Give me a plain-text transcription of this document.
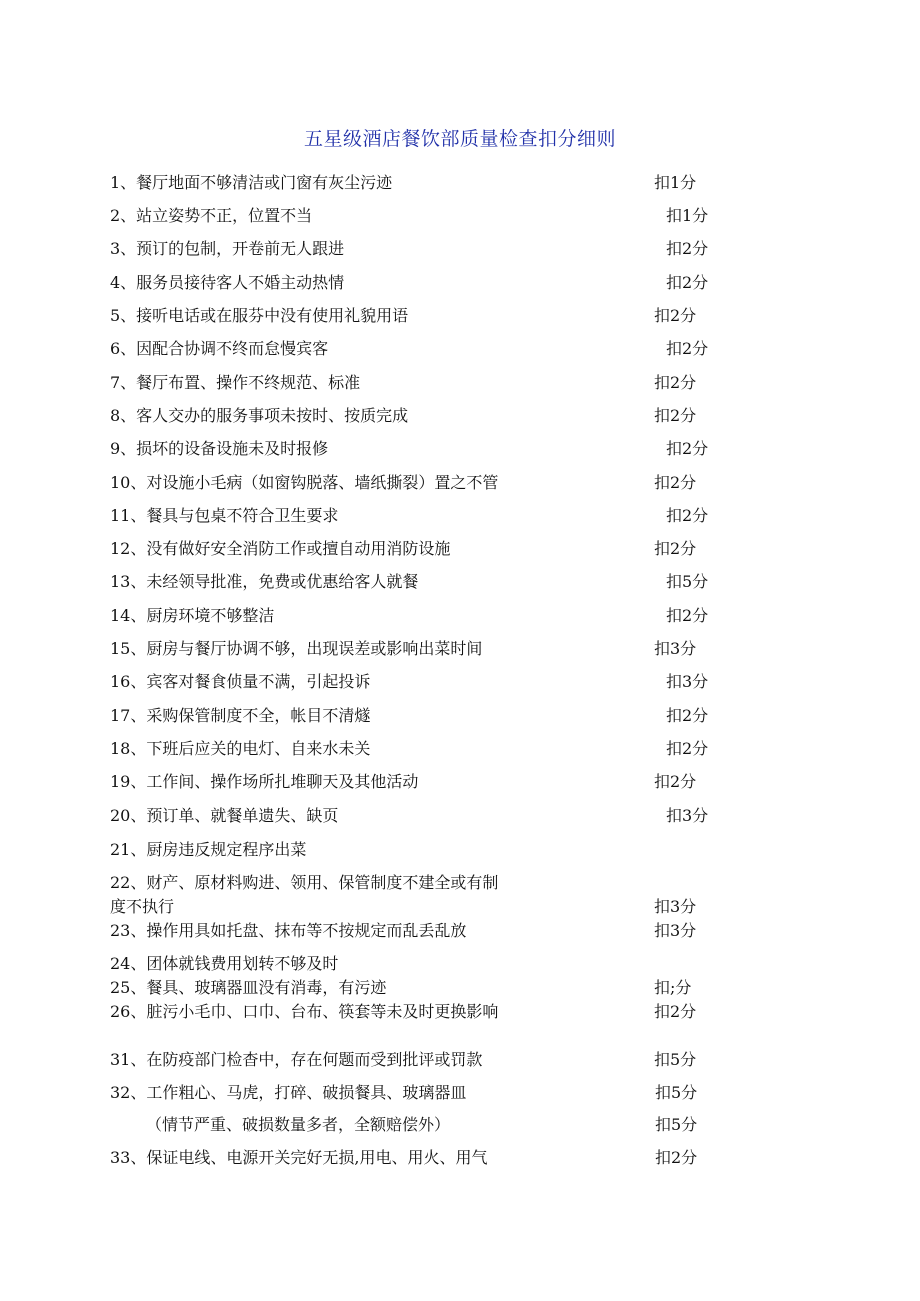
五星级酒店餐饮部质量检查扣分细则
1、餐厅地面不够清洁或门窗有灰尘污迹	扣1分
2、站立姿势不正，位置不当	扣1分
3、预订的包制，开卷前无人跟进	扣2分
4、服务员接待客人不婚主动热情	扣2分
5、接听电话或在服芬中没有使用礼貌用语	扣2分
6、因配合协调不终而怠慢宾客	扣2分
7、餐厅布置、操作不终规范、标准	扣2分
8、客人交办的服务事项未按时、按质完成	扣2分
9、损坏的设备设施未及时报修	扣2分
10、对设施小毛病（如窗钩脱落、墙纸撕裂）置之不管	扣2分
11、餐具与包桌不符合卫生要求	扣2分
12、没有做好安全消防工作或擅自动用消防设施	扣2分
13、未经领导批准，免费或优惠给客人就餐	扣5分
14、厨房环境不够整洁	扣2分
15、厨房与餐厅协调不够，出现误差或影响出菜时间	扣3分
16、宾客对餐食侦量不满，引起投诉	扣3分
17、采购保管制度不全，帐目不清燧	扣2分
18、下班后应关的电灯、自来水未关	扣2分
19、工作间、操作场所扎堆聊天及其他活动	扣2分
20、预订单、就餐单遗失、缺页	扣3分
21、厨房违反规定程序出菜
22、财产、原材料购进、领用、保管制度不建全或有制
度不执行	扣3分
23、操作用具如托盘、抹布等不按规定而乱丢乱放	扣3分
24、团体就钱费用划转不够及时
25、餐具、玻璃器皿没有消毒，有污迹	扣;分
26、脏污小毛巾、口巾、台布、筷套等未及时更换影响	扣2分
31、在防疫部门检杳中，存在何题而受到批评或罚款	扣5分
32、工作粗心、马虎，打碎、破损餐具、玻璃器皿	扣5分
（情节严重、破损数量多者，全额赔偿外）	扣5分
33、保证电线、电源开关完好无损,用电、用火、用气	扣2分
